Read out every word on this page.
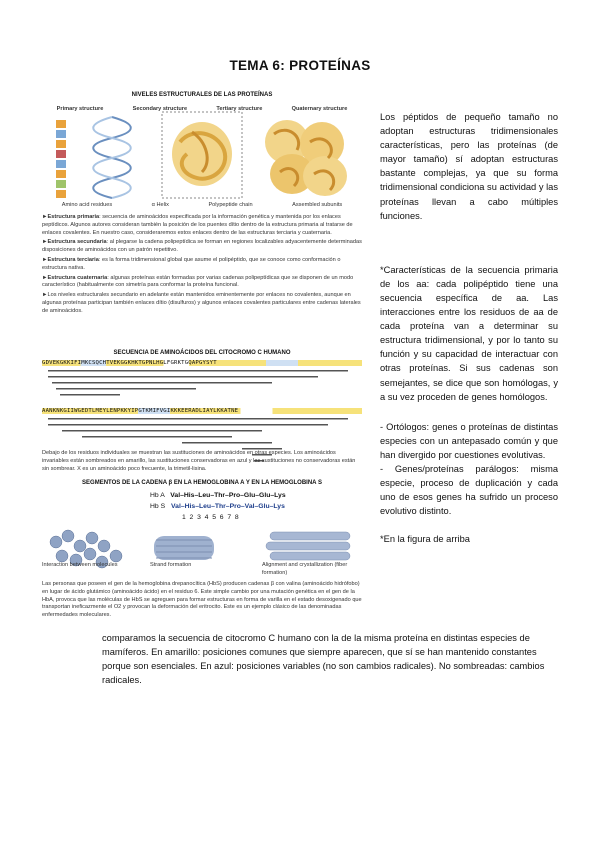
TEMA 6: PROTEÍNAS
NIVELES ESTRUCTURALES DE LAS PROTEÍNAS
Primary structure	Secondary structure	Tertiary structure	Quaternary structure
Amino acid residues	α Helix	Polypeptide chain	Assembled subunits
►Estructura primaria: secuencia de aminoácidos especificada por la información genética y mantenida por los enlaces peptídicos. Algunos autores consideran también la posición de los puentes dítio dentro de la estructura primaria al tratarse de enlaces covalentes. En nuestro caso, consideraremos estos enlaces dentro de las estructuras terciaria y cuaternaria.
►Estructura secundaria: al plegarse la cadena polipeptídica se forman en regiones localizables adyacentemente determinadas disposiciones de aminoácidos con un patrón repetitivo.
►Estructura terciaria: es la forma tridimensional global que asume el polipéptido, que se conoce como conformación o estructura nativa.
►Estructura cuaternaria: algunas proteínas están formadas por varias cadenas polipeptídicas que se disponen de un modo característico (habitualmente con simetría para conformar la proteína funcional.
►Los niveles estructurales secundario en adelante están mantenidos eminentemente por enlaces no covalentes, aunque en algunas proteínas participan también enlaces dítio (disulfuros) y algunos enlaces covalentes particulares entre cadenas laterales de aminoácidos.
SECUENCIA DE AMINOÁCIDOS DEL CITOCROMO C HUMANO
GDVEKGKKIFIMKCSQCHTVEKGGKHKTGPNLHGLFGRKTGQAPGYSYT
AANKNKGIIWGEDTLMEYLENPKKYIPGTKMIFVGIKKKEERADLIAYLKKATNE
Debajo de los residuos individuales se muestran las sustituciones de aminoácidos en otras especies. Los aminoácidos invariables están sombreados en amarillo, las sustituciones conservadoras en azul y las sustituciones no conservadoras están sin sombrear. X es un aminoácido poco frecuente, la trimetil-lisina.
SEGMENTOS DE LA CADENA β EN LA HEMOGLOBINA A Y EN LA HEMOGLOBINA S
Hb A Val–His–Leu–Thr–Pro–Glu–Glu–Lys
Hb S Val–His–Leu–Thr–Pro–Val–Glu–Lys
1  2  3  4  5  6  7  8
Interaction between molecules	Strand formation	Alignment and crystallization (fiber formation)
Las personas que poseen el gen de la hemoglobina drepanocítica (HbS) producen cadenas β con valina (aminoácido hidrófobo) en lugar de ácido glutámico (aminoácido ácido) en el residuo 6. Este simple cambio por una mutación genética en el gen de la HbA, provoca que las moléculas de HbS se agreguen para formar estructuras en forma de varilla en el estado desoxigenado que transportan ineficazmente el O2 y provocan la deformación del eritrocito. Este es un ejemplo clásico de las denominadas enfermedades moleculares.

Los péptidos de pequeño tamaño no adoptan estructuras tridimensionales características, pero las proteínas (de mayor tamaño) sí adoptan estructuras bastante complejas, ya que su forma tridimensional condiciona su actividad y las proteínas llevan a cabo múltiples funciones.

*Características de la secuencia primaria de los aa: cada polipéptido tiene una secuencia específica de aa. Las interacciones entre los residuos de aa de cada proteína van a determinar su estructura tridimensional, y por lo tanto su función y su capacidad de interactuar con otras proteínas. Si sus cadenas son semejantes, se dice que son homólogas, y a su vez proceden de genes homólogos.

- Ortólogos: genes o proteínas de distintas especies con un antepasado común y que han divergido por cuestiones evolutivas.

- Genes/proteínas parálogos: misma especie, proceso de duplicación y cada uno de esos genes ha sufrido un proceso evolutivo distinto.

*En la figura de arriba

comparamos la secuencia de citocromo C humano con la de la misma proteína en distintas especies de mamíferos. En amarillo: posiciones comunes que siempre aparecen, que sí se han mantenido constantes porque son esenciales. En azul: posiciones variables (no son cambios radicales). No sombreadas: cambios radicales.
